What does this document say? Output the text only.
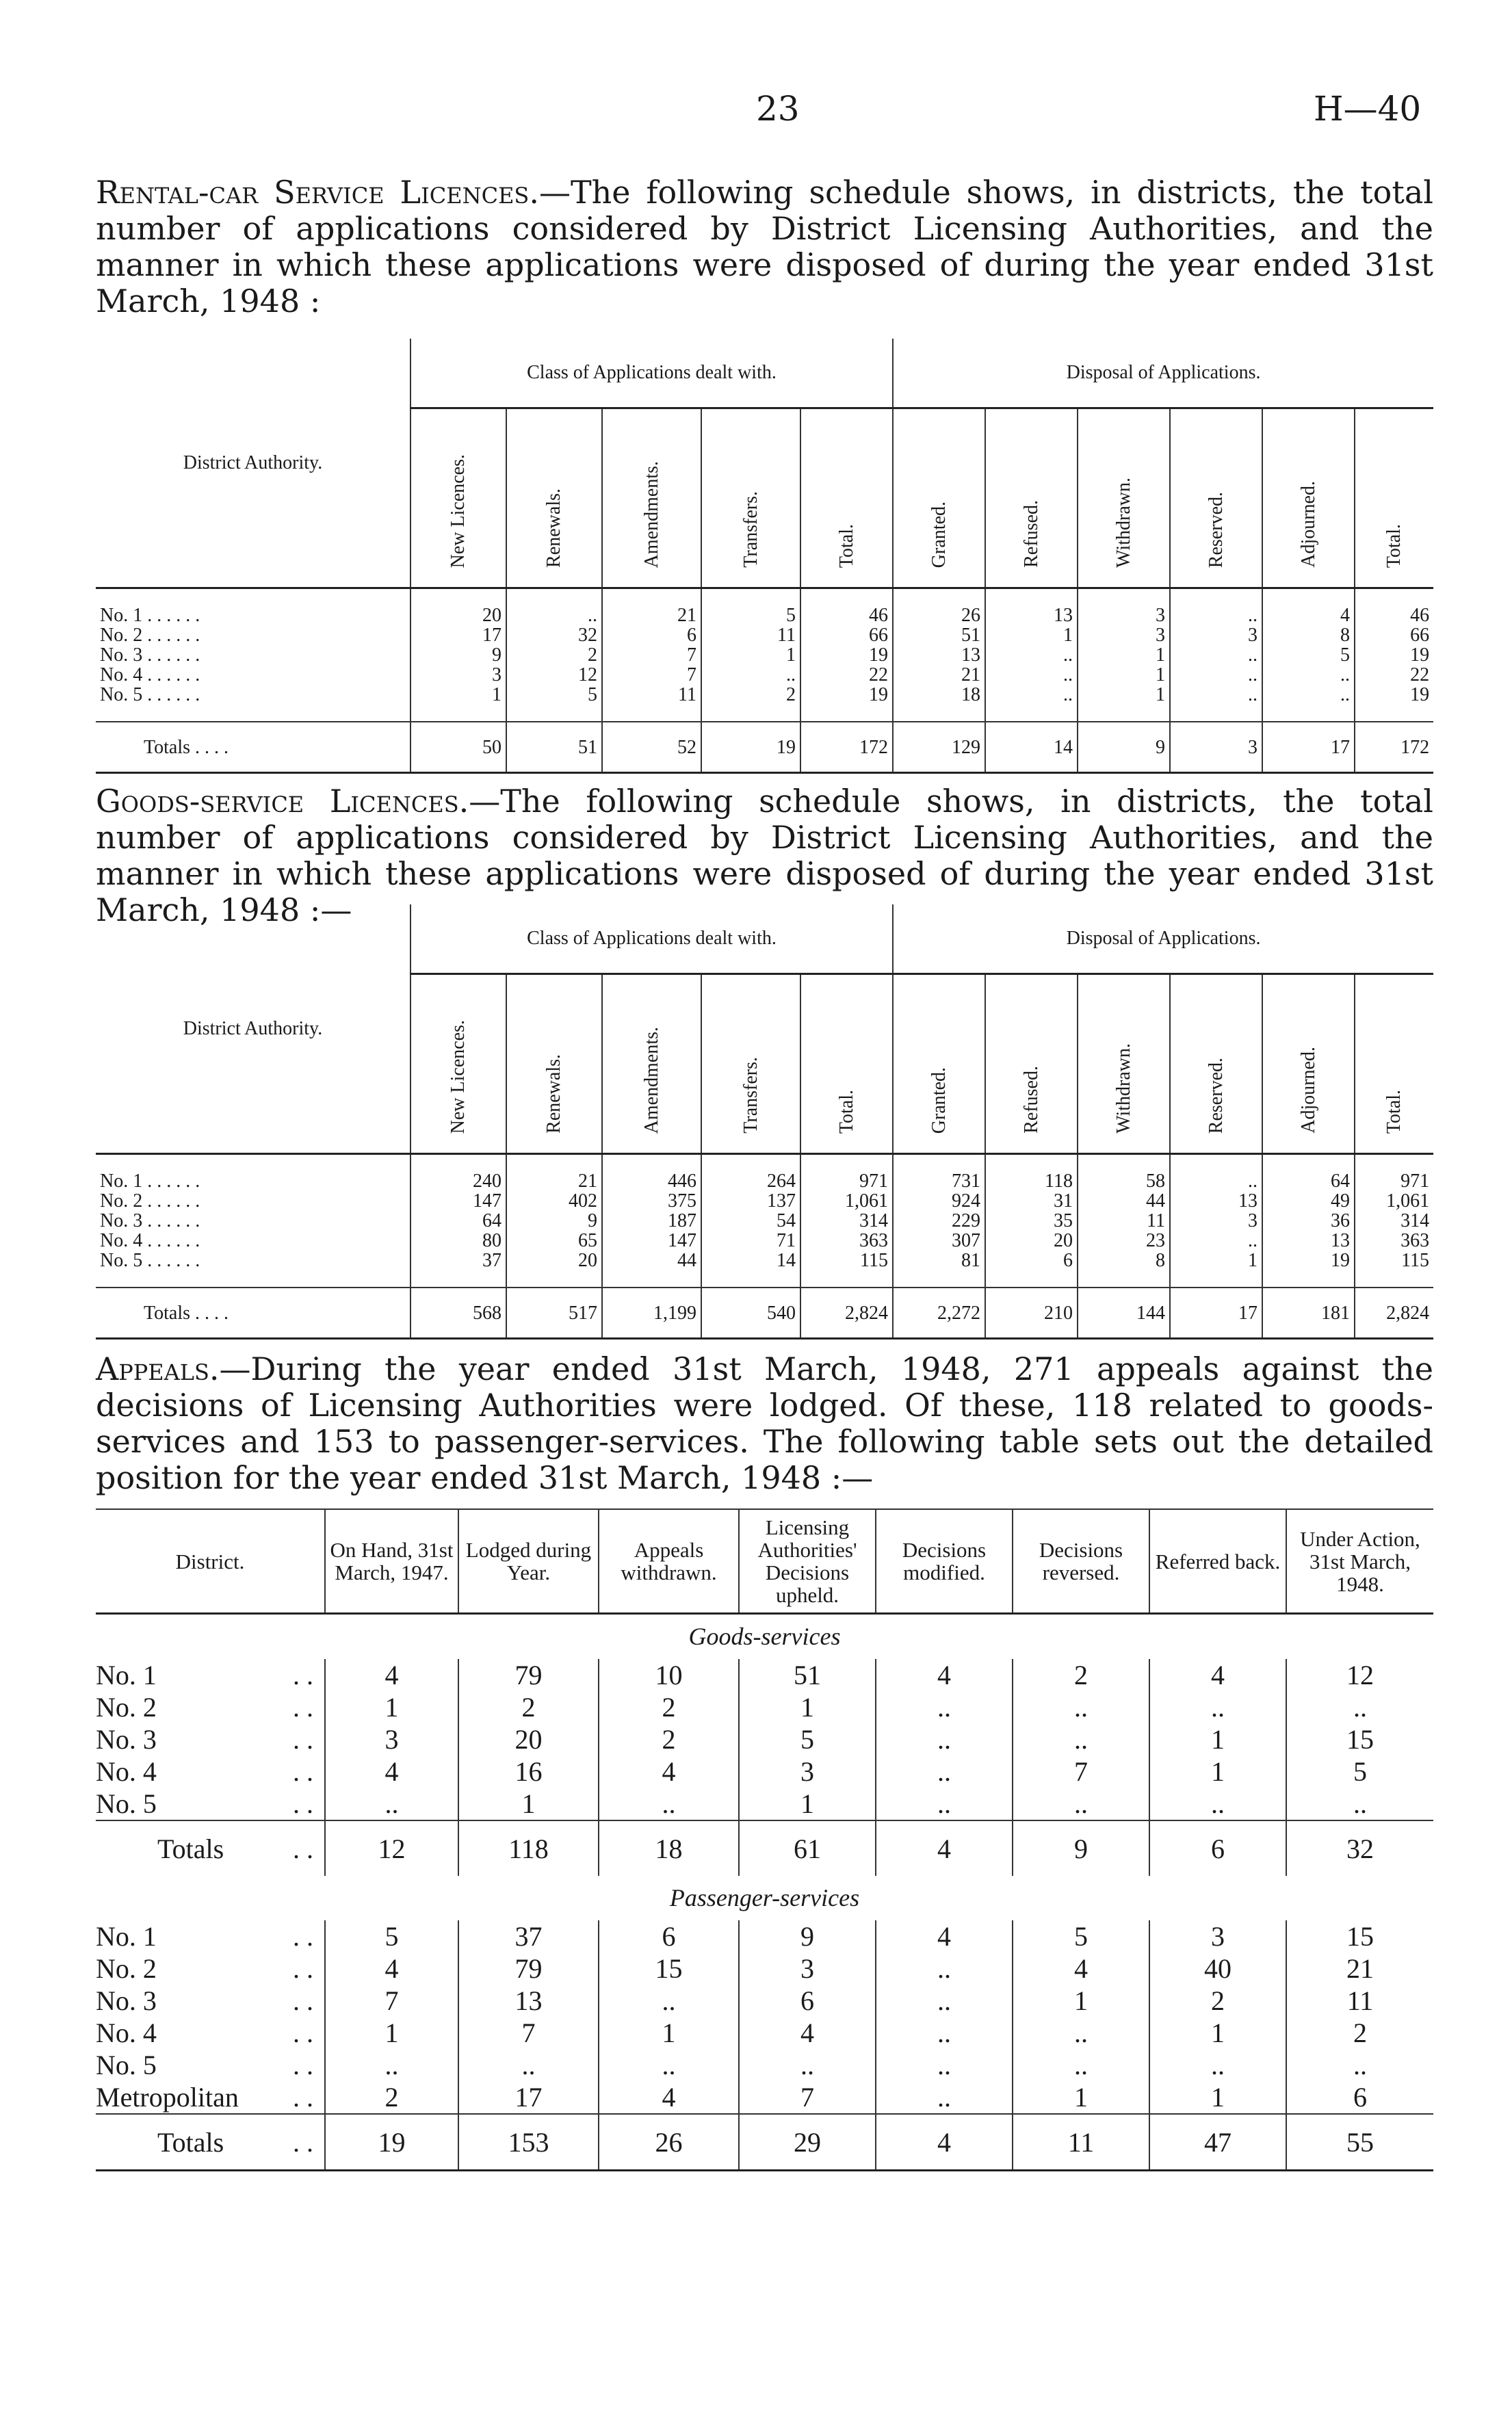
23	H—40

Rental-car Service Licences.—The following schedule shows, in districts, the total number of applications considered by District Licensing Authorities, and the manner in which these applications were disposed of during the year ended 31st March, 1948 :

District Authority.	Class of Applications dealt with.					Disposal of Applications.					
	New Licences.	Renewals.	Amendments.	Transfers.	Total.	Granted.	Refused.	Withdrawn.	Reserved.	Adjourned.	Total.
No. 1 . . . . . .	20	..	21	5	46	26	13	3	..	4	46
No. 2 . . . . . .	17	32	6	11	66	51	1	3	3	8	66
No. 3 . . . . . .	9	2	7	1	19	13	..	1	..	5	19
No. 4 . . . . . .	3	12	7	..	22	21	..	1	..	..	22
No. 5 . . . . . .	1	5	11	2	19	18	..	1	..	..	19
Totals . . . .	50	51	52	19	172	129	14	9	3	17	172

Goods-service Licences.—The following schedule shows, in districts, the total number of applications considered by District Licensing Authorities, and the manner in which these applications were disposed of during the year ended 31st March, 1948 :—

District Authority.	Class of Applications dealt with.					Disposal of Applications.					
	New Licences.	Renewals.	Amendments.	Transfers.	Total.	Granted.	Refused.	Withdrawn.	Reserved.	Adjourned.	Total.
No. 1 . . . . . .	240	21	446	264	971	731	118	58	..	64	971
No. 2 . . . . . .	147	402	375	137	1,061	924	31	44	13	49	1,061
No. 3 . . . . . .	64	9	187	54	314	229	35	11	3	36	314
No. 4 . . . . . .	80	65	147	71	363	307	20	23	..	13	363
No. 5 . . . . . .	37	20	44	14	115	81	6	8	1	19	115
Totals . . . .	568	517	1,199	540	2,824	2,272	210	144	17	181	2,824

Appeals.—During the year ended 31st March, 1948, 271 appeals against the decisions of Licensing Authorities were lodged. Of these, 118 related to goods-services and 153 to passenger-services. The following table sets out the detailed position for the year ended 31st March, 1948 :—

District.	On Hand, 31st March, 1947.	Lodged during Year.	Appeals withdrawn.	Licensing Authorities' Decisions upheld.	Decisions modified.	Decisions reversed.	Referred back.	Under Action, 31st March, 1948.
Goods-services								
No. 1 . .	4	79	10	51	4	2	4	12
No. 2 . .	1	2	2	1	..	..	..	..
No. 3 . .	3	20	2	5	..	..	1	15
No. 4 . .	4	16	4	3	..	7	1	5
No. 5 . .	..	1	..	1	..	..	..	..
Totals . .	12	118	18	61	4	9	6	32
Passenger-services								
No. 1 . .	5	37	6	9	4	5	3	15
No. 2 . .	4	79	15	3	..	4	40	21
No. 3 . .	7	13	..	6	..	1	2	11
No. 4 . .	1	7	1	4	..	..	1	2
No. 5 . .	..	..	..	..	..	..	..	..
Metropolitan . .	2	17	4	7	..	1	1	6
Totals . .	19	153	26	29	4	11	47	55
